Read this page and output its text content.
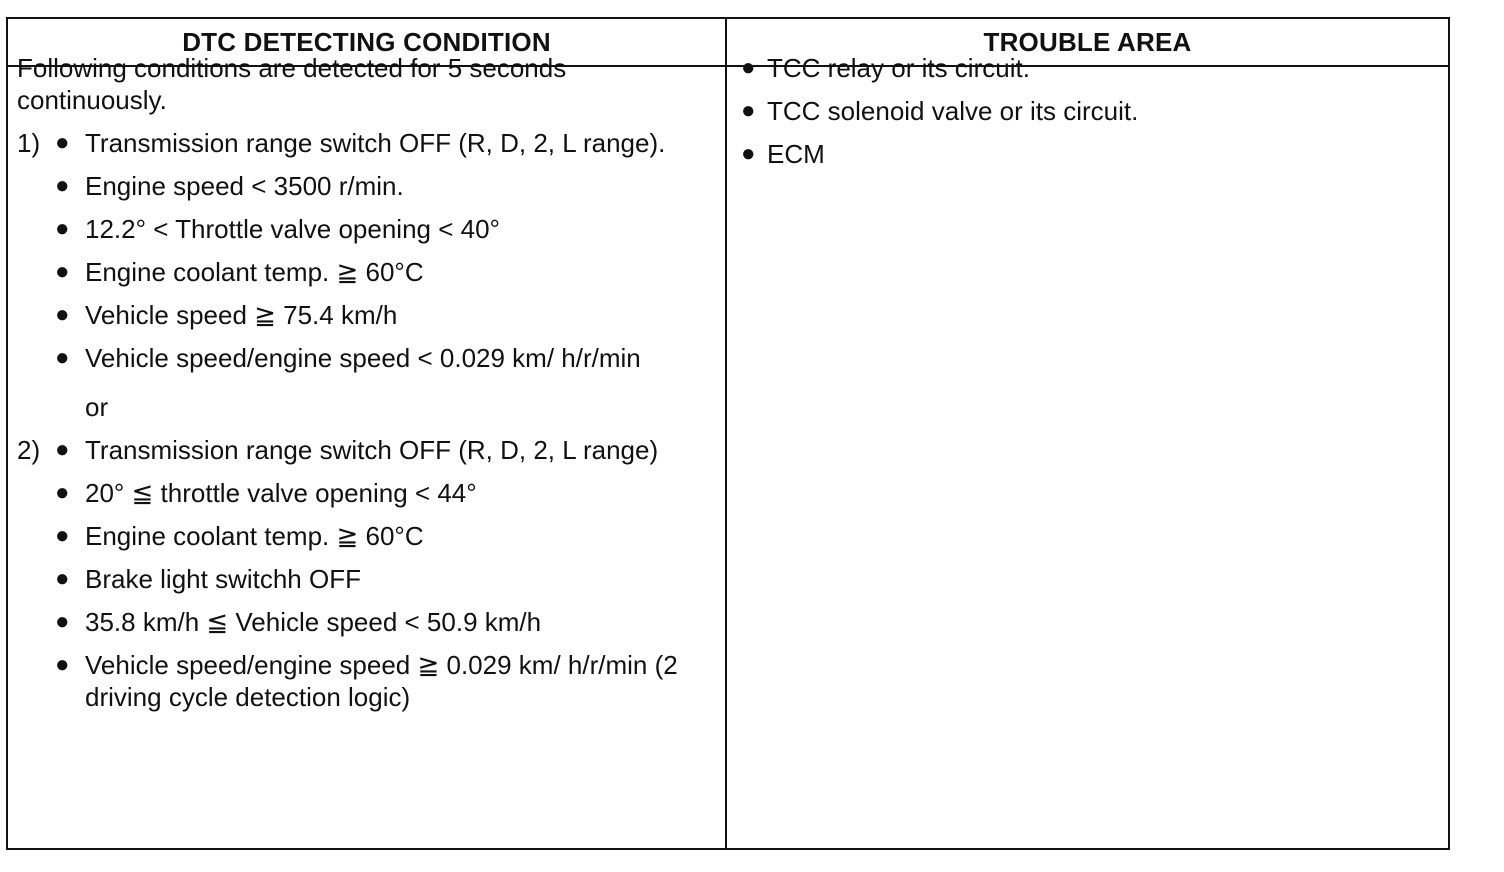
DTC DETECTING CONDITION	TROUBLE AREA
Following conditions are detected for 5 seconds continuously.
1) ● Transmission range switch OFF (R, D, 2, L range).
● Engine speed < 3500 r/min.
● 12.2° < Throttle valve opening < 40°
● Engine coolant temp. ≧ 60°C
● Vehicle speed ≧ 75.4 km/h
● Vehicle speed/engine speed < 0.029 km/ h/r/min
or
2) ● Transmission range switch OFF (R, D, 2, L range)
● 20° ≦ throttle valve opening < 44°
● Engine coolant temp. ≧ 60°C
● Brake light switchh OFF
● 35.8 km/h ≦ Vehicle speed < 50.9 km/h
● Vehicle speed/engine speed ≧ 0.029 km/ h/r/min (2 driving cycle detection logic)
● TCC relay or its circuit.
● TCC solenoid valve or its circuit.
● ECM
